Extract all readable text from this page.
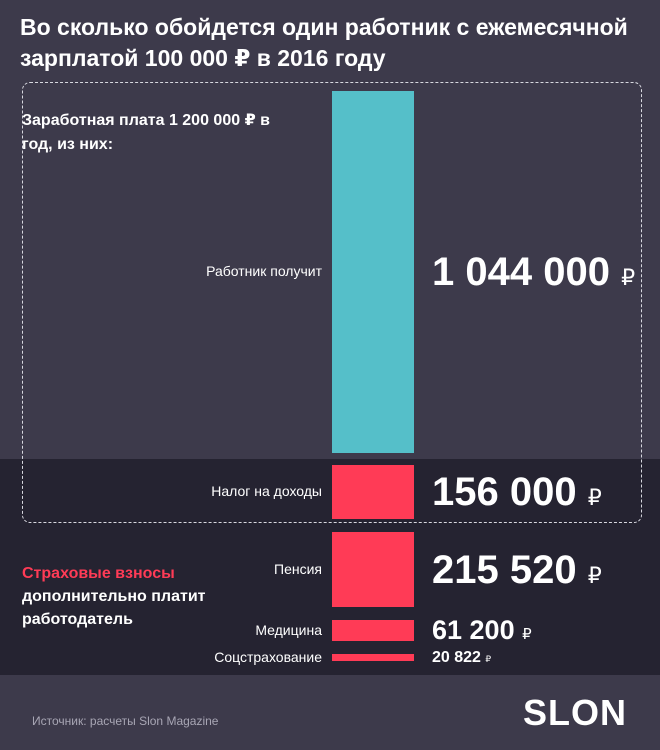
Во сколько обойдется один работник с ежемесячной зарплатой 100 000 ₽ в 2016 году
Заработная плата 1 200 000 ₽ в год, из них:
Работник получит
Налог на доходы
Пенсия
Медицина
Соцстрахование
1 044 000 ₽
156 000 ₽
215 520 ₽
61 200 ₽
20 822 ₽
Страховые взносы
дополнительно платит работодатель
Источник: расчеты Slon Magazine	SLON
